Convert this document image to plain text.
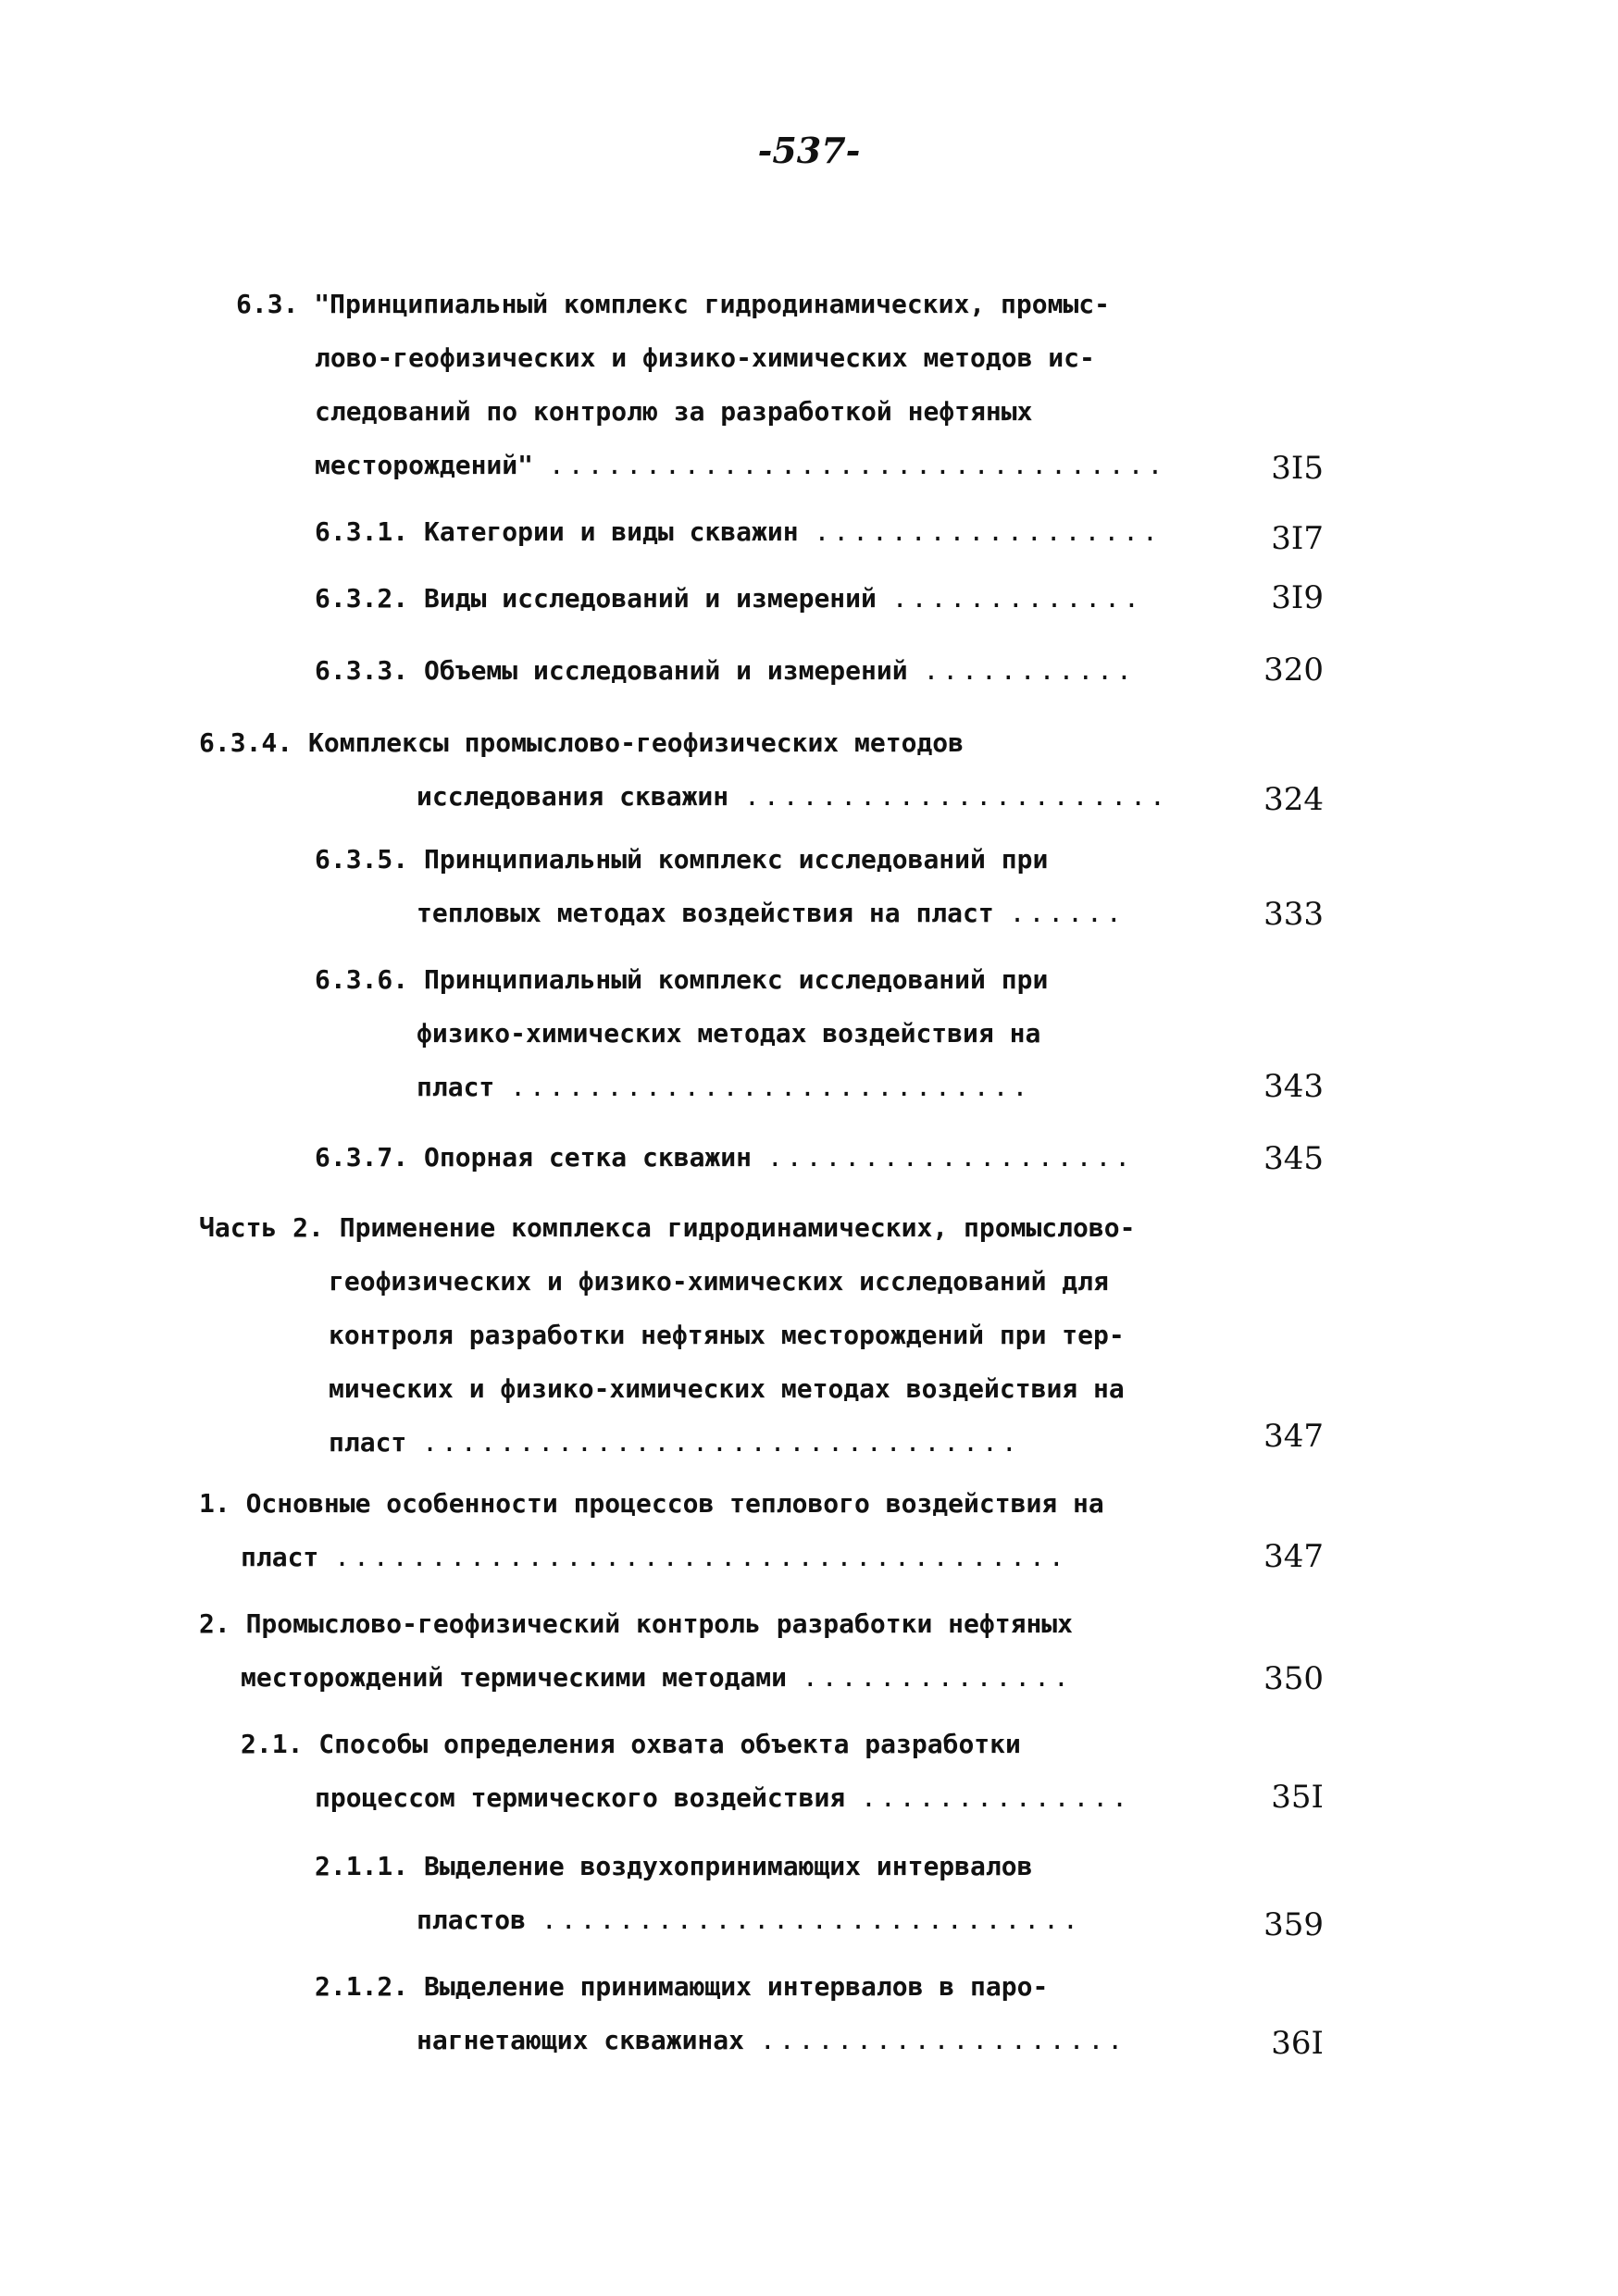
-537-
6.3. "Принципиальный комплекс гидродинамических, промыс-
лово-геофизических и физико-химических методов ис-
следований по контролю за разработкой нефтяных
месторождений" ................................	3I5
6.3.1. Категории и виды скважин ..................	3I7
6.3.2. Виды исследований и измерений .............	3I9
6.3.3. Объемы исследований и измерений ...........	320
6.3.4. Комплексы промыслово-геофизических методов
исследования скважин ......................	324
6.3.5. Принципиальный комплекс исследований при
тепловых методах воздействия на пласт ......	333
6.3.6. Принципиальный комплекс исследований при
физико-химических методах воздействия на
пласт ...........................	343
6.3.7. Опорная сетка скважин ...................	345
Часть 2. Применение комплекса гидродинамических, промыслово-
геофизических и физико-химических исследований для
контроля разработки нефтяных месторождений при тер-
мических и физико-химических методах воздействия на
пласт ...............................	347
1. Основные особенности процессов теплового воздействия на
пласт ......................................	347
2. Промыслово-геофизический контроль разработки нефтяных
месторождений термическими методами ..............	350
2.1. Способы определения охвата объекта разработки
процессом термического воздействия ..............	35I
2.1.1. Выделение воздухопринимающих интервалов
пластов ............................	359
2.1.2. Выделение принимающих интервалов в паро-
нагнетающих скважинах ...................	36I
